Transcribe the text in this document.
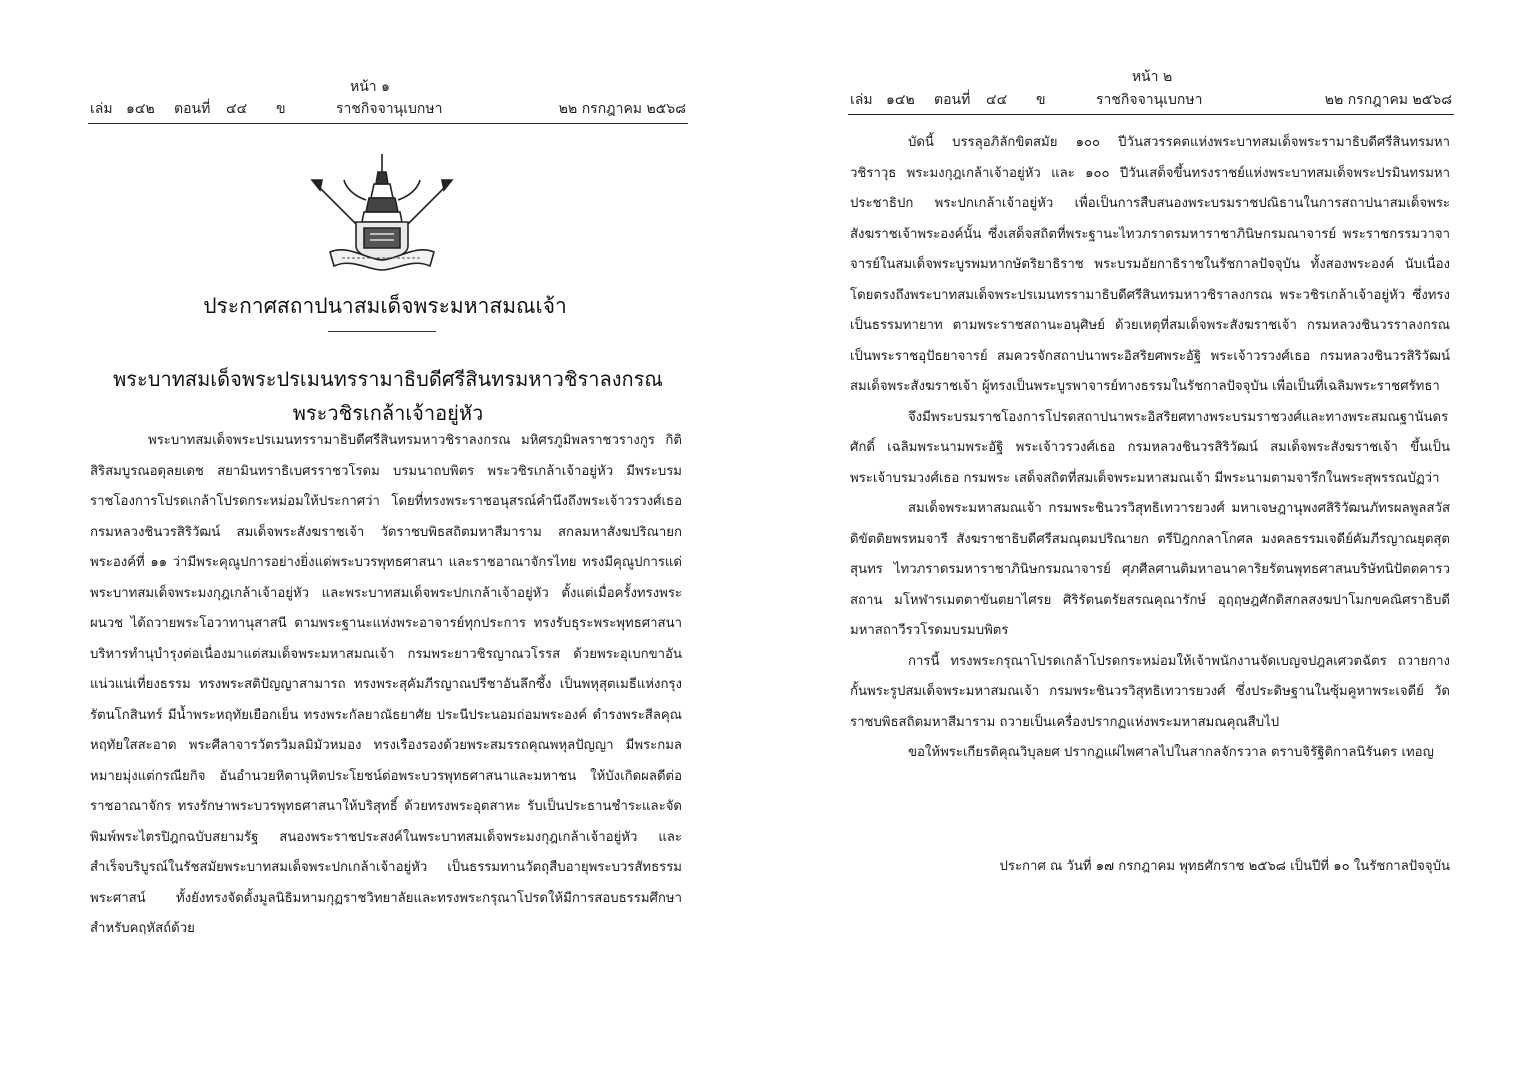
หน้า ๑
เล่ม ๑๔๒ ตอนที่ ๔๔ ข	ราชกิจจานุเบกษา	๒๒ กรกฎาคม ๒๕๖๘
ประกาศสถาปนาสมเด็จพระมหาสมณเจ้า
พระบาทสมเด็จพระปรเมนทรรามาธิบดีศรีสินทรมหาวชิราลงกรณ
พระวชิรเกล้าเจ้าอยู่หัว

พระบาทสมเด็จพระปรเมนทรรามาธิบดีศรีสินทรมหาวชิราลงกรณ มหิศรภูมิพลราชวรางกูร กิติสิริสมบูรณอดุลยเดช สยามินทราธิเบศรราชวโรดม บรมนาถบพิตร พระวชิรเกล้าเจ้าอยู่หัว มีพระบรมราชโองการโปรดเกล้าโปรดกระหม่อมให้ประกาศว่า โดยที่ทรงพระราชอนุสรณ์คำนึงถึงพระเจ้าวรวงศ์เธอ กรมหลวงชินวรสิริวัฒน์ สมเด็จพระสังฆราชเจ้า วัดราชบพิธสถิตมหาสีมาราม สกลมหาสังฆปริณายกพระองค์ที่ ๑๑ ว่ามีพระคุณูปการอย่างยิ่งแด่พระบวรพุทธศาสนา และราชอาณาจักรไทย ทรงมีคุณูปการแด่พระบาทสมเด็จพระมงกุฎเกล้าเจ้าอยู่หัว และพระบาทสมเด็จพระปกเกล้าเจ้าอยู่หัว ตั้งแต่เมื่อครั้งทรงพระผนวช ได้ถวายพระโอวาทานุสาสนี ตามพระฐานะแห่งพระอาจารย์ทุกประการ ทรงรับธุระพระพุทธศาสนา บริหารทำนุบำรุงต่อเนื่องมาแต่สมเด็จพระมหาสมณเจ้า กรมพระยาวชิรญาณวโรรส ด้วยพระอุเบกขาอันแน่วแน่เที่ยงธรรม ทรงพระสติปัญญาสามารถ ทรงพระสุคัมภีรญาณปรีชาอันลึกซึ้ง เป็นพหุสุตเมธีแห่งกรุงรัตนโกสินทร์ มีน้ำพระหฤทัยเยือกเย็น ทรงพระกัลยาณัธยาศัย ประนีประนอมถ่อมพระองค์ ดำรงพระสีลคุณหฤทัยใสสะอาด พระศีลาจารวัตรวิมลมิมัวหมอง ทรงเรืองรองด้วยพระสมรรถคุณพหุลปัญญา มีพระกมลหมายมุ่งแต่กรณียกิจ อันอำนวยหิตานุหิตประโยชน์ต่อพระบวรพุทธศาสนาและมหาชน ให้บังเกิดผลดีต่อราชอาณาจักร ทรงรักษาพระบวรพุทธศาสนาให้บริสุทธิ์ ด้วยทรงพระอุตสาหะ รับเป็นประธานชำระและจัดพิมพ์พระไตรปิฎกฉบับสยามรัฐ สนองพระราชประสงค์ในพระบาทสมเด็จพระมงกุฎเกล้าเจ้าอยู่หัว และสำเร็จบริบูรณ์ในรัชสมัยพระบาทสมเด็จพระปกเกล้าเจ้าอยู่หัว เป็นธรรมทานวัตถุสืบอายุพระบวรสัทธรรมพระศาสน์ ทั้งยังทรงจัดตั้งมูลนิธิมหามกุฏราชวิทยาลัยและทรงพระกรุณาโปรดให้มีการสอบธรรมศึกษาสำหรับคฤหัสถ์ด้วย

หน้า ๒
เล่ม ๑๔๒ ตอนที่ ๔๔ ข	ราชกิจจานุเบกษา	๒๒ กรกฎาคม ๒๕๖๘

บัดนี้ บรรลุอภิลักขิตสมัย ๑๐๐ ปีวันสวรรคตแห่งพระบาทสมเด็จพระรามาธิบดีศรีสินทรมหาวชิราวุธ พระมงกุฎเกล้าเจ้าอยู่หัว และ ๑๐๐ ปีวันเสด็จขึ้นทรงราชย์แห่งพระบาทสมเด็จพระปรมินทรมหาประชาธิปก พระปกเกล้าเจ้าอยู่หัว เพื่อเป็นการสืบสนองพระบรมราชปณิธานในการสถาปนาสมเด็จพระสังฆราชเจ้าพระองค์นั้น ซึ่งเสด็จสถิตที่พระฐานะไทวภราดรมหาราชาภินิษกรมณาจารย์ พระราชกรรมวาจาจารย์ในสมเด็จพระบูรพมหากษัตริยาธิราช พระบรมอัยกาธิราชในรัชกาลปัจจุบัน ทั้งสองพระองค์ นับเนื่องโดยตรงถึงพระบาทสมเด็จพระปรเมนทรรามาธิบดีศรีสินทรมหาวชิราลงกรณ พระวชิรเกล้าเจ้าอยู่หัว ซึ่งทรงเป็นธรรมทายาท ตามพระราชสถานะอนุศิษย์ ด้วยเหตุที่สมเด็จพระสังฆราชเจ้า กรมหลวงชินวรราลงกรณ เป็นพระราชอุปัธยาจารย์ สมควรจักสถาปนาพระอิสริยศพระอัฐิ พระเจ้าวรวงศ์เธอ กรมหลวงชินวรสิริวัฒน์ สมเด็จพระสังฆราชเจ้า ผู้ทรงเป็นพระบูรพาจารย์ทางธรรมในรัชกาลปัจจุบัน เพื่อเป็นที่เฉลิมพระราชศรัทธา

จึงมีพระบรมราชโองการโปรดสถาปนาพระอิสริยศทางพระบรมราชวงศ์และทางพระสมณฐานันดรศักดิ์ เฉลิมพระนามพระอัฐิ พระเจ้าวรวงศ์เธอ กรมหลวงชินวรสิริวัฒน์ สมเด็จพระสังฆราชเจ้า ขึ้นเป็น พระเจ้าบรมวงศ์เธอ กรมพระ เสด็จสถิตที่สมเด็จพระมหาสมณเจ้า มีพระนามตามจารึกในพระสุพรรณบัฏว่า

สมเด็จพระมหาสมณเจ้า กรมพระชินวรวิสุทธิเทวารยวงศ์ มหาเจษฎานุพงศสิริวัฒนภัทรผลพูลสวัสดิขัตติยพรหมจารี สังฆราชาธิบดีศรีสมณุตมปริณายก ตรีปิฎกกลาโกศล มงคลธรรมเจดีย์คัมภีรญาณยุตสุตสุนทร ไทวภราดรมหาราชาภินิษกรมณาจารย์ ศุภศีลศานติมหาอนาคาริยรัตนพุทธศาสนบริษัทนิปัตตคารวสถาน มโหฬารเมตตาขันตยาไศรย ศิริรัตนตรัยสรณคุณารักษ์ อุฤฤษฎศักดิสกลสงฆปาโมกขคณิศราธิบดี มหาสถาวีรวโรดมบรมบพิตร

การนี้ ทรงพระกรุณาโปรดเกล้าโปรดกระหม่อมให้เจ้าพนักงานจัดเบญจปฎลเศวตฉัตร ถวายกางกั้นพระรูปสมเด็จพระมหาสมณเจ้า กรมพระชินวรวิสุทธิเทวารยวงศ์ ซึ่งประดิษฐานในซุ้มคูหาพระเจดีย์ วัดราชบพิธสถิตมหาสีมาราม ถวายเป็นเครื่องปรากฏแห่งพระมหาสมณคุณสืบไป

ขอให้พระเกียรติคุณวิบุลยศ ปรากฏแผ่ไพศาลไปในสากลจักรวาล ตราบจิรัฐิติกาลนิรันดร เทอญ

ประกาศ ณ วันที่ ๑๗ กรกฎาคม พุทธศักราช ๒๕๖๘ เป็นปีที่ ๑๐ ในรัชกาลปัจจุบัน
